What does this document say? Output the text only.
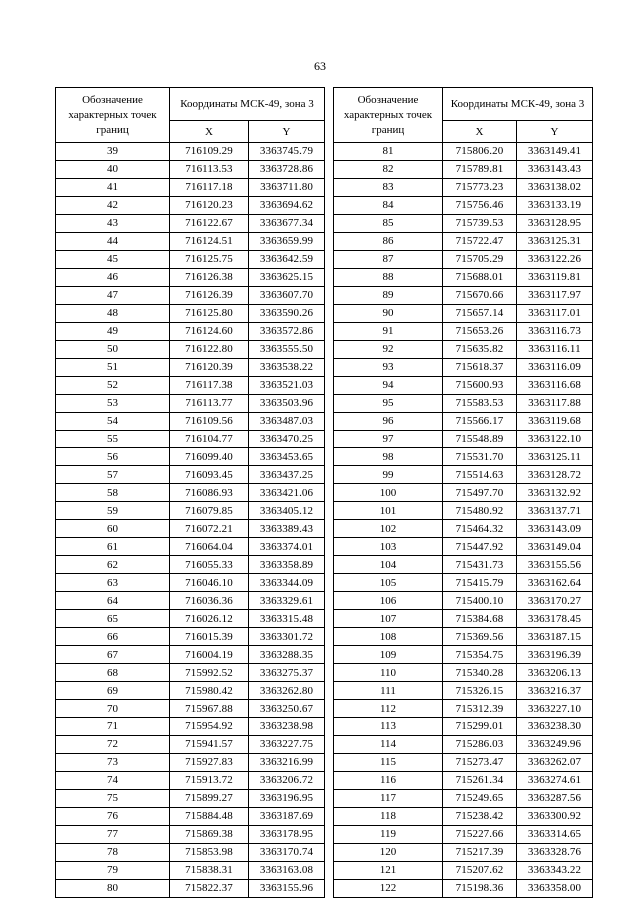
63
Обозначение характерных точек границ	Координаты МСК-49, зона 3	
	X	Y
39	716109.29	3363745.79
40	716113.53	3363728.86
41	716117.18	3363711.80
42	716120.23	3363694.62
43	716122.67	3363677.34
44	716124.51	3363659.99
45	716125.75	3363642.59
46	716126.38	3363625.15
47	716126.39	3363607.70
48	716125.80	3363590.26
49	716124.60	3363572.86
50	716122.80	3363555.50
51	716120.39	3363538.22
52	716117.38	3363521.03
53	716113.77	3363503.96
54	716109.56	3363487.03
55	716104.77	3363470.25
56	716099.40	3363453.65
57	716093.45	3363437.25
58	716086.93	3363421.06
59	716079.85	3363405.12
60	716072.21	3363389.43
61	716064.04	3363374.01
62	716055.33	3363358.89
63	716046.10	3363344.09
64	716036.36	3363329.61
65	716026.12	3363315.48
66	716015.39	3363301.72
67	716004.19	3363288.35
68	715992.52	3363275.37
69	715980.42	3363262.80
70	715967.88	3363250.67
71	715954.92	3363238.98
72	715941.57	3363227.75
73	715927.83	3363216.99
74	715913.72	3363206.72
75	715899.27	3363196.95
76	715884.48	3363187.69
77	715869.38	3363178.95
78	715853.98	3363170.74
79	715838.31	3363163.08
80	715822.37	3363155.96
Обозначение характерных точек границ	Координаты МСК-49, зона 3	
	X	Y
81	715806.20	3363149.41
82	715789.81	3363143.43
83	715773.23	3363138.02
84	715756.46	3363133.19
85	715739.53	3363128.95
86	715722.47	3363125.31
87	715705.29	3363122.26
88	715688.01	3363119.81
89	715670.66	3363117.97
90	715657.14	3363117.01
91	715653.26	3363116.73
92	715635.82	3363116.11
93	715618.37	3363116.09
94	715600.93	3363116.68
95	715583.53	3363117.88
96	715566.17	3363119.68
97	715548.89	3363122.10
98	715531.70	3363125.11
99	715514.63	3363128.72
100	715497.70	3363132.92
101	715480.92	3363137.71
102	715464.32	3363143.09
103	715447.92	3363149.04
104	715431.73	3363155.56
105	715415.79	3363162.64
106	715400.10	3363170.27
107	715384.68	3363178.45
108	715369.56	3363187.15
109	715354.75	3363196.39
110	715340.28	3363206.13
111	715326.15	3363216.37
112	715312.39	3363227.10
113	715299.01	3363238.30
114	715286.03	3363249.96
115	715273.47	3363262.07
116	715261.34	3363274.61
117	715249.65	3363287.56
118	715238.42	3363300.92
119	715227.66	3363314.65
120	715217.39	3363328.76
121	715207.62	3363343.22
122	715198.36	3363358.00
